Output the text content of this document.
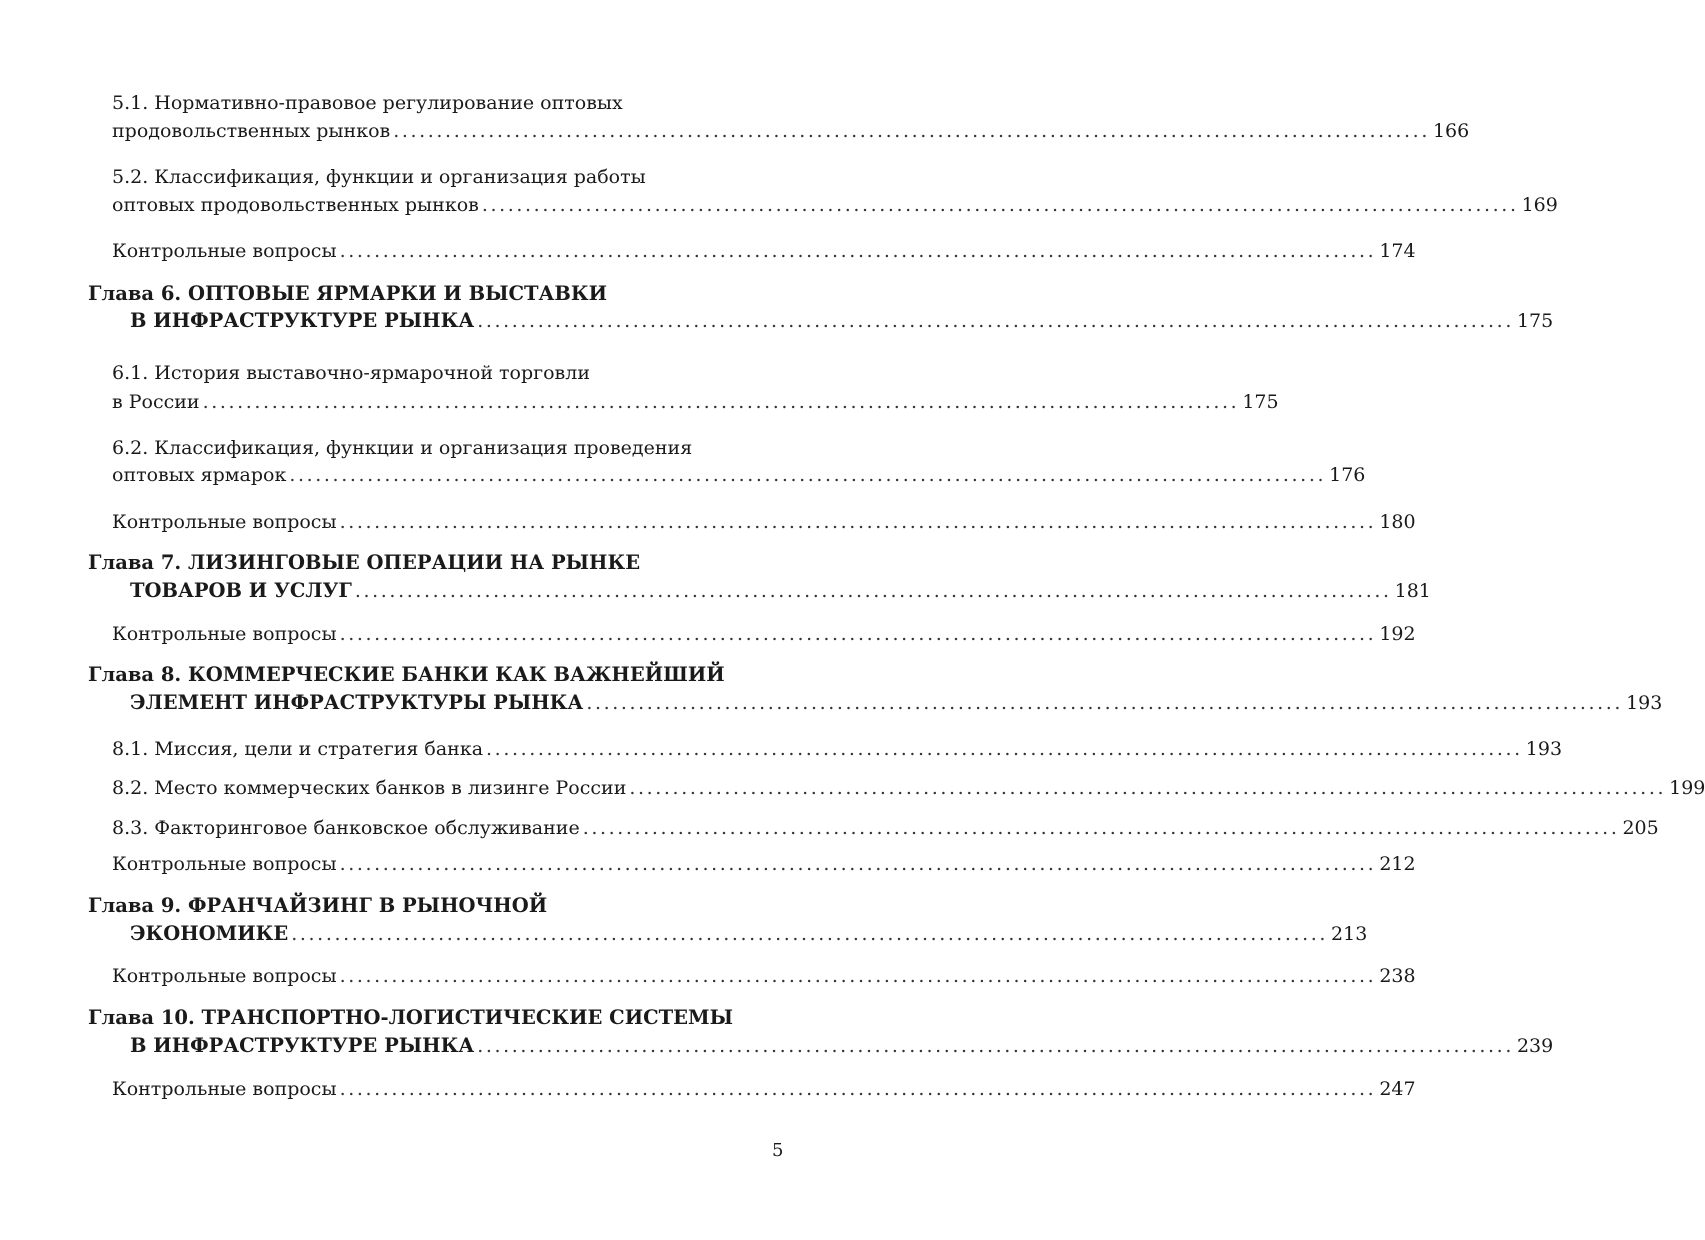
5.1. Нормативно-правовое регулирование оптовых
продовольственных рынков ........................................................................................................................ 166
5.2. Классификация, функции и организация работы
оптовых продовольственных рынков ........................................................................................................................ 169
Контрольные вопросы ........................................................................................................................ 174
Глава 6. ОПТОВЫЕ ЯРМАРКИ И ВЫСТАВКИ
В ИНФРАСТРУКТУРЕ РЫНКА ........................................................................................................................ 175
6.1. История выставочно-ярмарочной торговли
в России ........................................................................................................................ 175
6.2. Классификация, функции и организация проведения
оптовых ярмарок ........................................................................................................................ 176
Контрольные вопросы ........................................................................................................................ 180
Глава 7. ЛИЗИНГОВЫЕ ОПЕРАЦИИ НА РЫНКЕ
ТОВАРОВ И УСЛУГ ........................................................................................................................ 181
Контрольные вопросы ........................................................................................................................ 192
Глава 8. КОММЕРЧЕСКИЕ БАНКИ КАК ВАЖНЕЙШИЙ
ЭЛЕМЕНТ ИНФРАСТРУКТУРЫ РЫНКА ........................................................................................................................ 193
8.1. Миссия, цели и стратегия банка ........................................................................................................................ 193
8.2. Место коммерческих банков в лизинге России ........................................................................................................................ 199
8.3. Факторинговое банковское обслуживание ........................................................................................................................ 205
Контрольные вопросы ........................................................................................................................ 212
Глава 9. ФРАНЧАЙЗИНГ В РЫНОЧНОЙ
ЭКОНОМИКЕ ........................................................................................................................ 213
Контрольные вопросы ........................................................................................................................ 238
Глава 10. ТРАНСПОРТНО-ЛОГИСТИЧЕСКИЕ СИСТЕМЫ
В ИНФРАСТРУКТУРЕ РЫНКА ........................................................................................................................ 239
Контрольные вопросы ........................................................................................................................ 247
5
